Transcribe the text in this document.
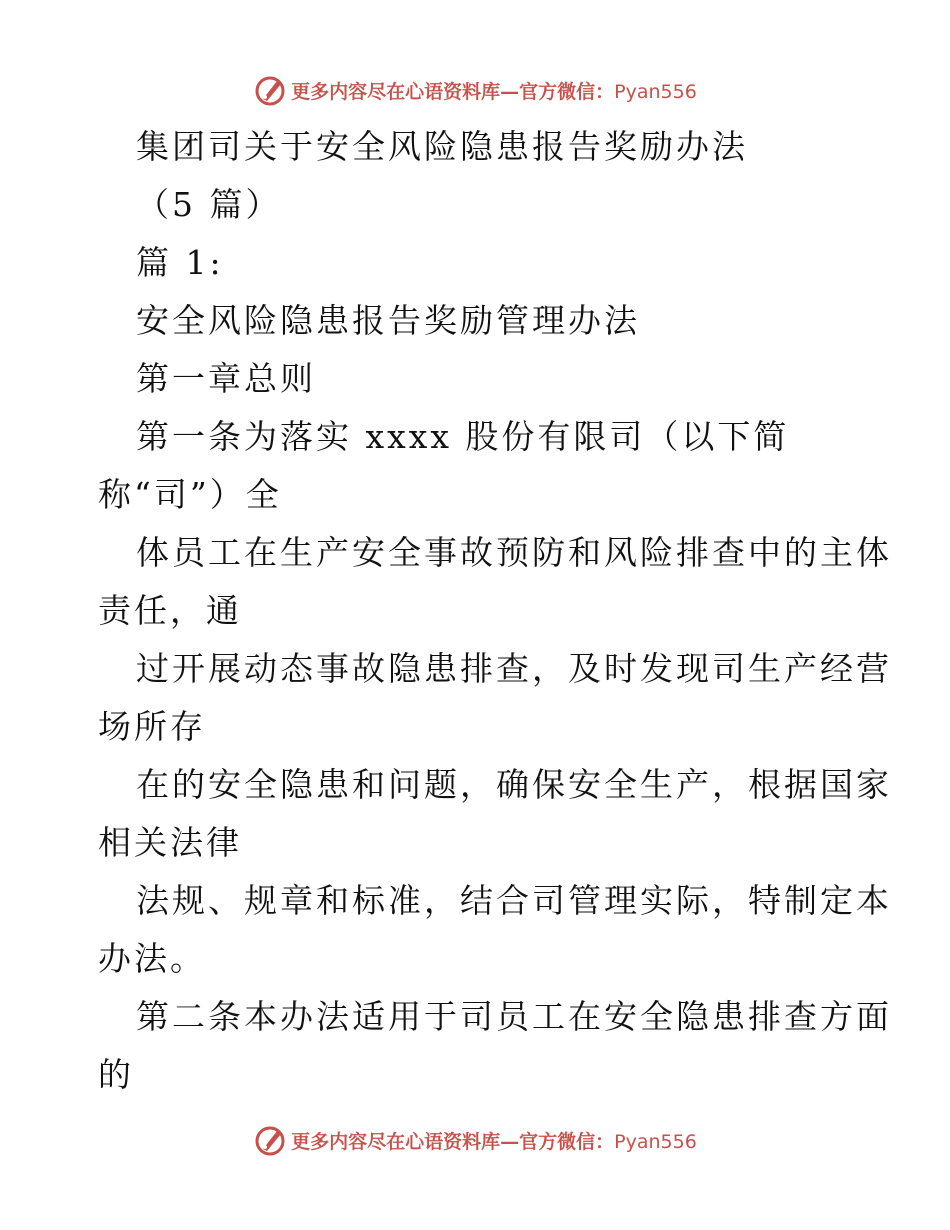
更多内容尽在心语资料库—官方微信：Pyan556
集团司关于安全风险隐患报告奖励办法
（5 篇）
篇 1:
安全风险隐患报告奖励管理办法
第一章总则
第一条为落实 xxxx 股份有限司（以下简
称“司”）全
体员工在生产安全事故预防和风险排查中的主体
责任，通
过开展动态事故隐患排查，及时发现司生产经营
场所存
在的安全隐患和问题，确保安全生产，根据国家
相关法律
法规、规章和标准，结合司管理实际，特制定本
办法。
第二条本办法适用于司员工在安全隐患排查方面
的
更多内容尽在心语资料库—官方微信：Pyan556
